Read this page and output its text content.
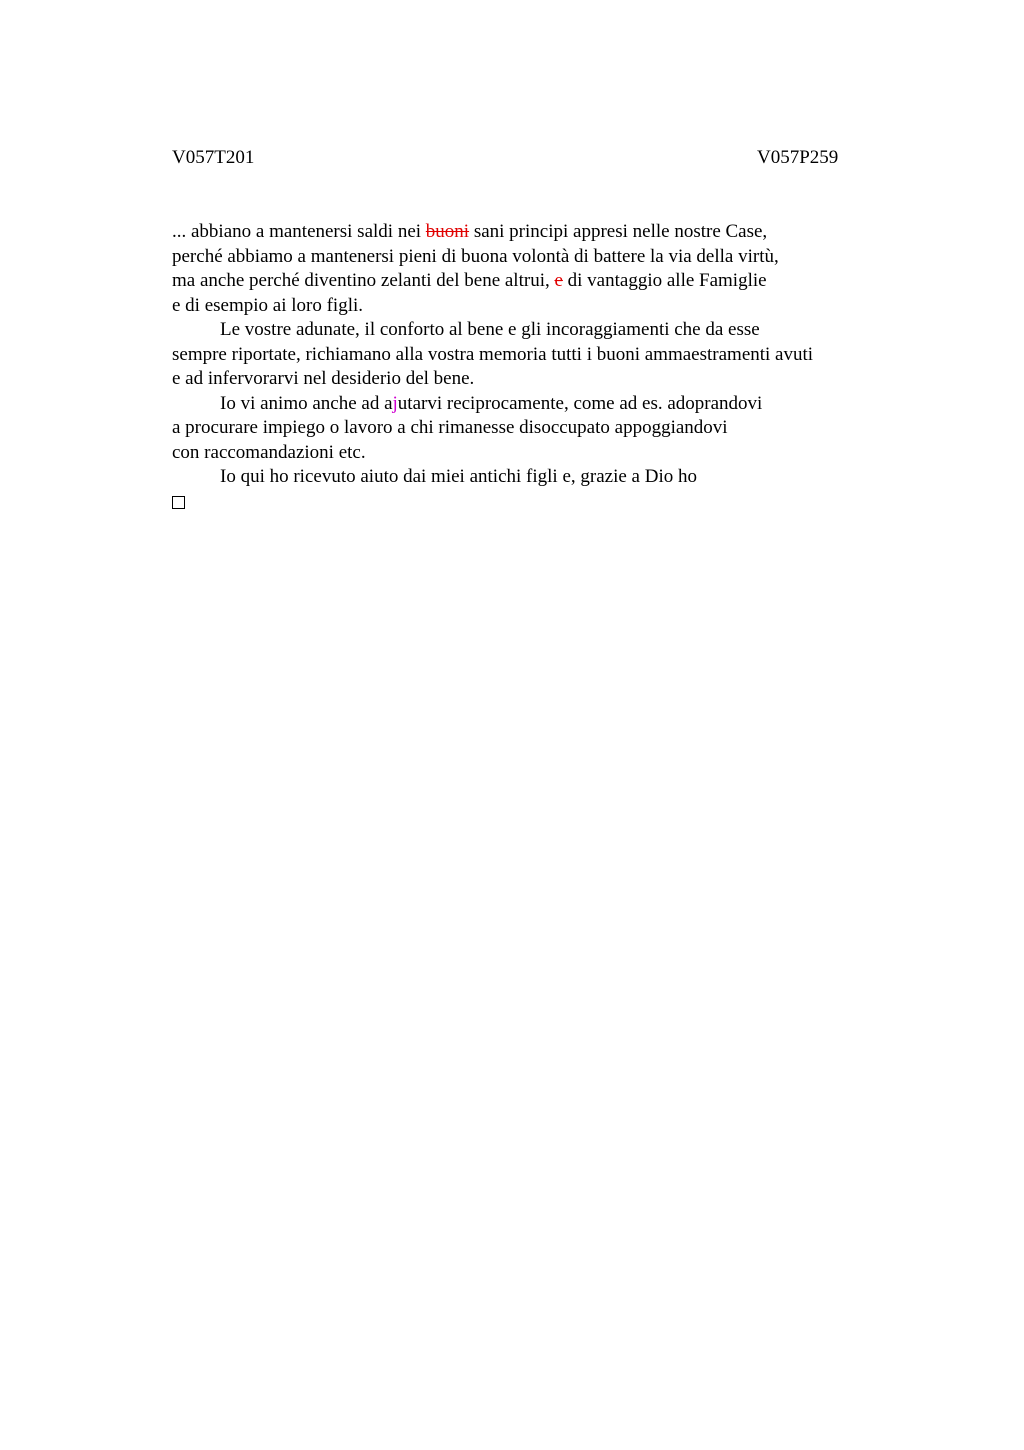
V057T201	V057P259
... abbiano a mantenersi saldi nei buoni sani principi appresi nelle nostre Case,
perché abbiamo a mantenersi pieni di buona volontà di battere la via della virtù,
ma anche perché diventino zelanti del bene altrui, e di vantaggio alle Famiglie
e di esempio ai loro figli.
Le vostre adunate, il conforto al bene e gli incoraggiamenti che da esse
sempre riportate, richiamano alla vostra memoria tutti i buoni ammaestramenti avuti
e ad infervorarvi nel desiderio del bene.
Io vi animo anche ad ajutarvi reciprocamente, come ad es. adoprandovi
a procurare impiego o lavoro a chi rimanesse disoccupato appoggiandovi
con raccomandazioni etc.
Io qui ho ricevuto aiuto dai miei antichi figli e, grazie a Dio ho
